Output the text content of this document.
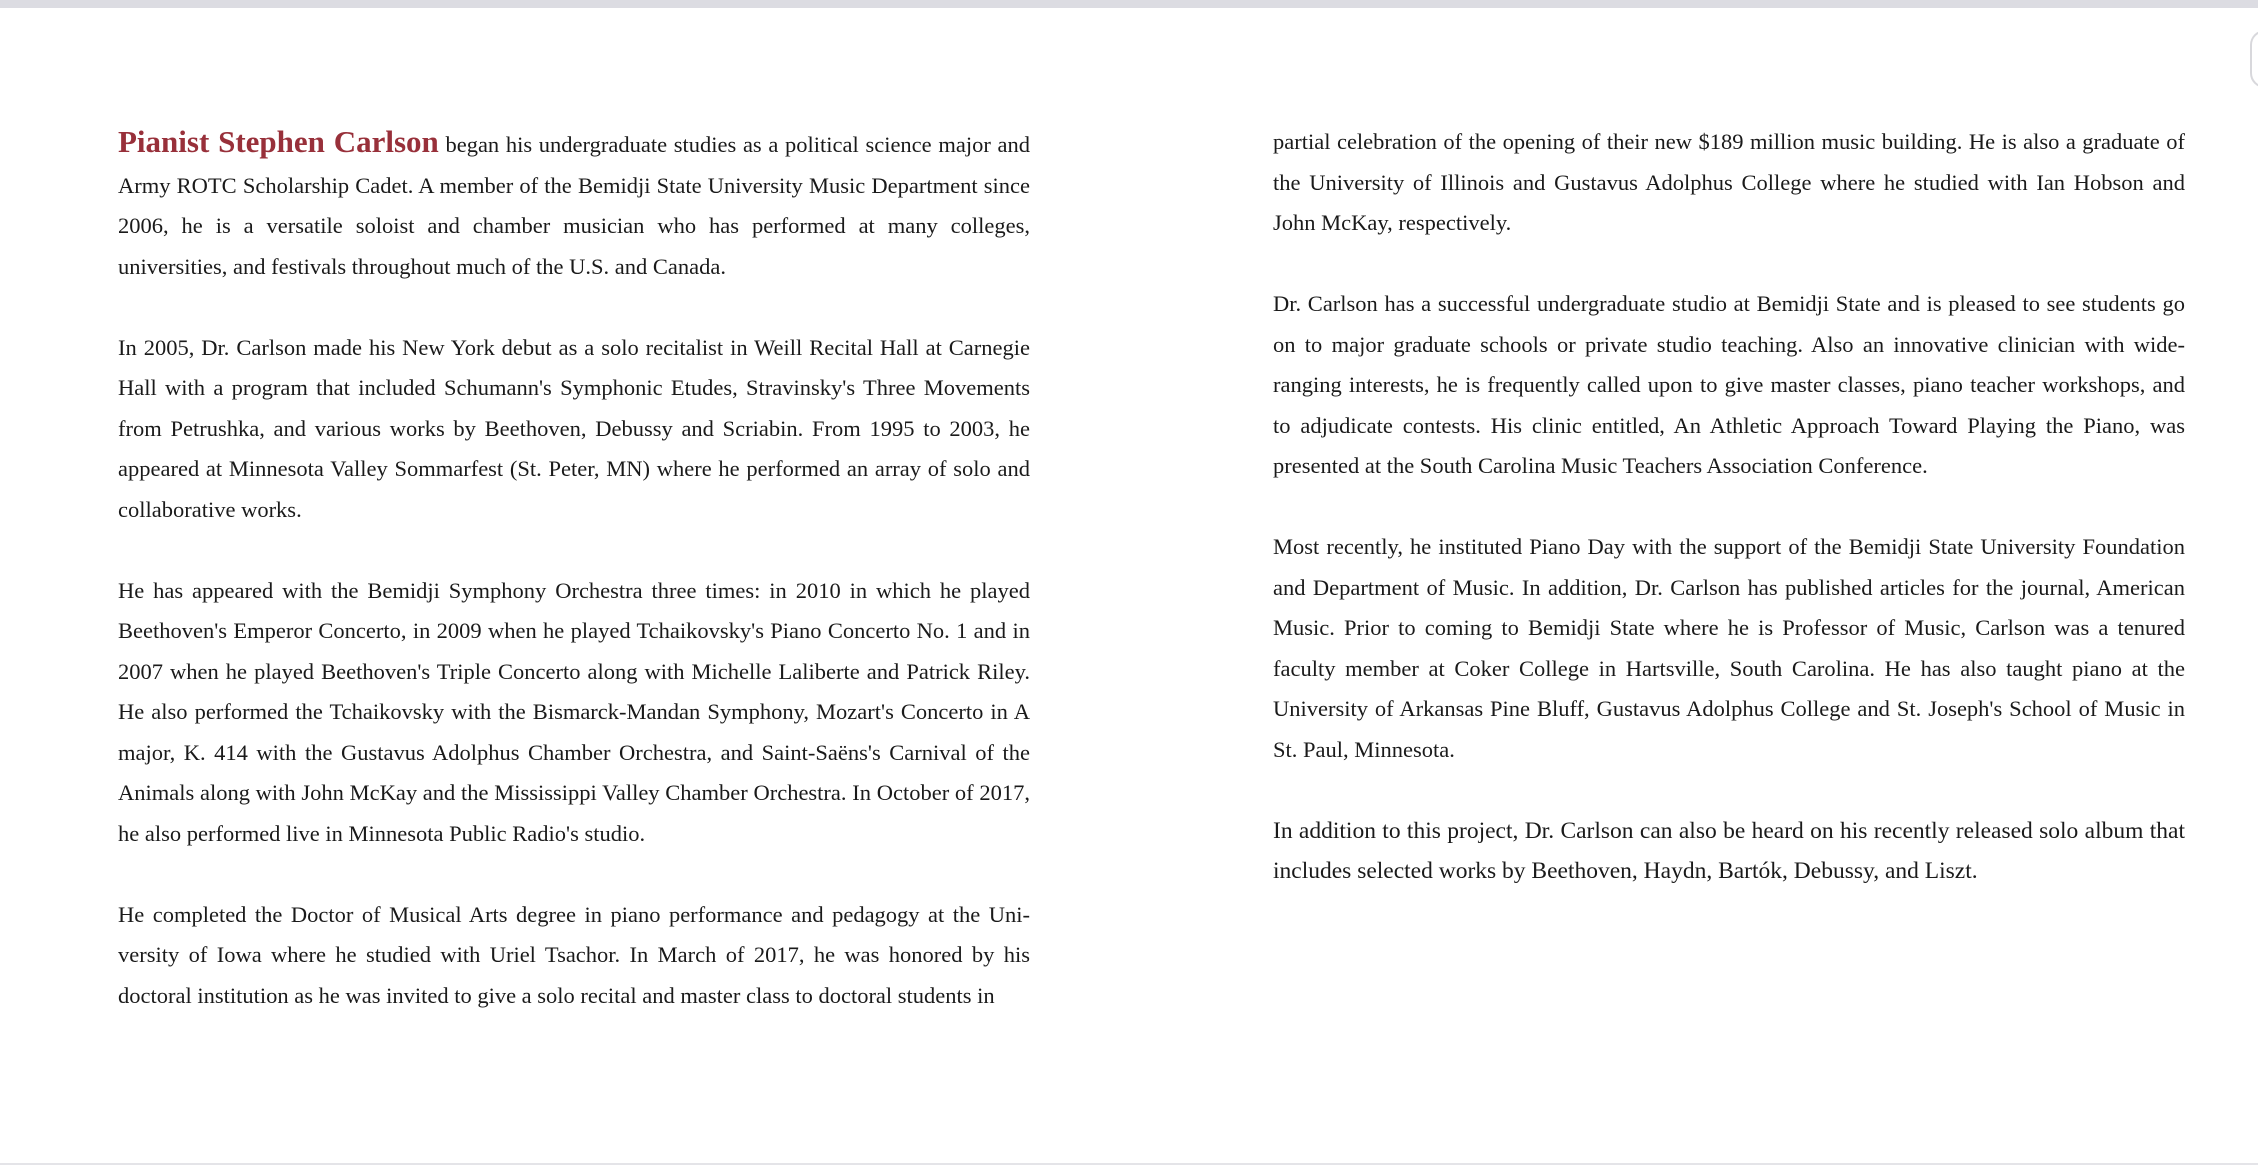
Pianist Stephen Carlson began his undergraduate studies as a political science major and Army ROTC Scholarship Cadet. A member of the Bemidji State University Music Department since 2006, he is a versatile soloist and chamber musician who has performed at many colleges, universities, and festivals throughout much of the U.S. and Canada.

In 2005, Dr. Carlson made his New York debut as a solo recitalist in Weill Recital Hall at Carnegie Hall with a program that included Schumann's Symphonic Etudes, Stravinsky's Three Movements from Petrushka, and various works by Beethoven, Debussy and Scriabin. From 1995 to 2003, he appeared at Minnesota Valley Sommarfest (St. Peter, MN) where he performed an array of solo and collaborative works.

He has appeared with the Bemidji Symphony Orchestra three times: in 2010 in which he played Beethoven's Emperor Concerto, in 2009 when he played Tchaikovsky's Piano Concerto No. 1 and in 2007 when he played Beethoven's Triple Concerto along with Michelle Laliberte and Patrick Riley. He also performed the Tchaikovsky with the Bismarck-Mandan Symphony, Mozart's Concerto in A major, K. 414 with the Gustavus Adolphus Chamber Orchestra, and Saint-Saëns's Carnival of the Animals along with John McKay and the Mississippi Valley Chamber Orchestra. In October of 2017, he also performed live in Minnesota Public Radio's studio.

He completed the Doctor of Musical Arts degree in piano performance and pedagogy at the University of Iowa where he studied with Uriel Tsachor. In March of 2017, he was honored by his doctoral institution as he was invited to give a solo recital and master class to doctoral students in

partial celebration of the opening of their new $189 million music building. He is also a graduate of the University of Illinois and Gustavus Adolphus College where he studied with Ian Hobson and John McKay, respectively.

Dr. Carlson has a successful undergraduate studio at Bemidji State and is pleased to see students go on to major graduate schools or private studio teaching. Also an innovative clinician with wide-ranging interests, he is frequently called upon to give master classes, piano teacher workshops, and to adjudicate contests. His clinic entitled, An Athletic Approach Toward Playing the Piano, was presented at the South Carolina Music Teachers Association Conference.

Most recently, he instituted Piano Day with the support of the Bemidji State University Foundation and Department of Music. In addition, Dr. Carlson has published articles for the journal, American Music. Prior to coming to Bemidji State where he is Professor of Music, Carlson was a tenured faculty member at Coker College in Hartsville, South Carolina. He has also taught piano at the University of Arkansas Pine Bluff, Gustavus Adolphus College and St. Joseph's School of Music in St. Paul, Minnesota.

In addition to this project, Dr. Carlson can also be heard on his recently released solo album that includes selected works by Beethoven, Haydn, Bartók, Debussy, and Liszt.
